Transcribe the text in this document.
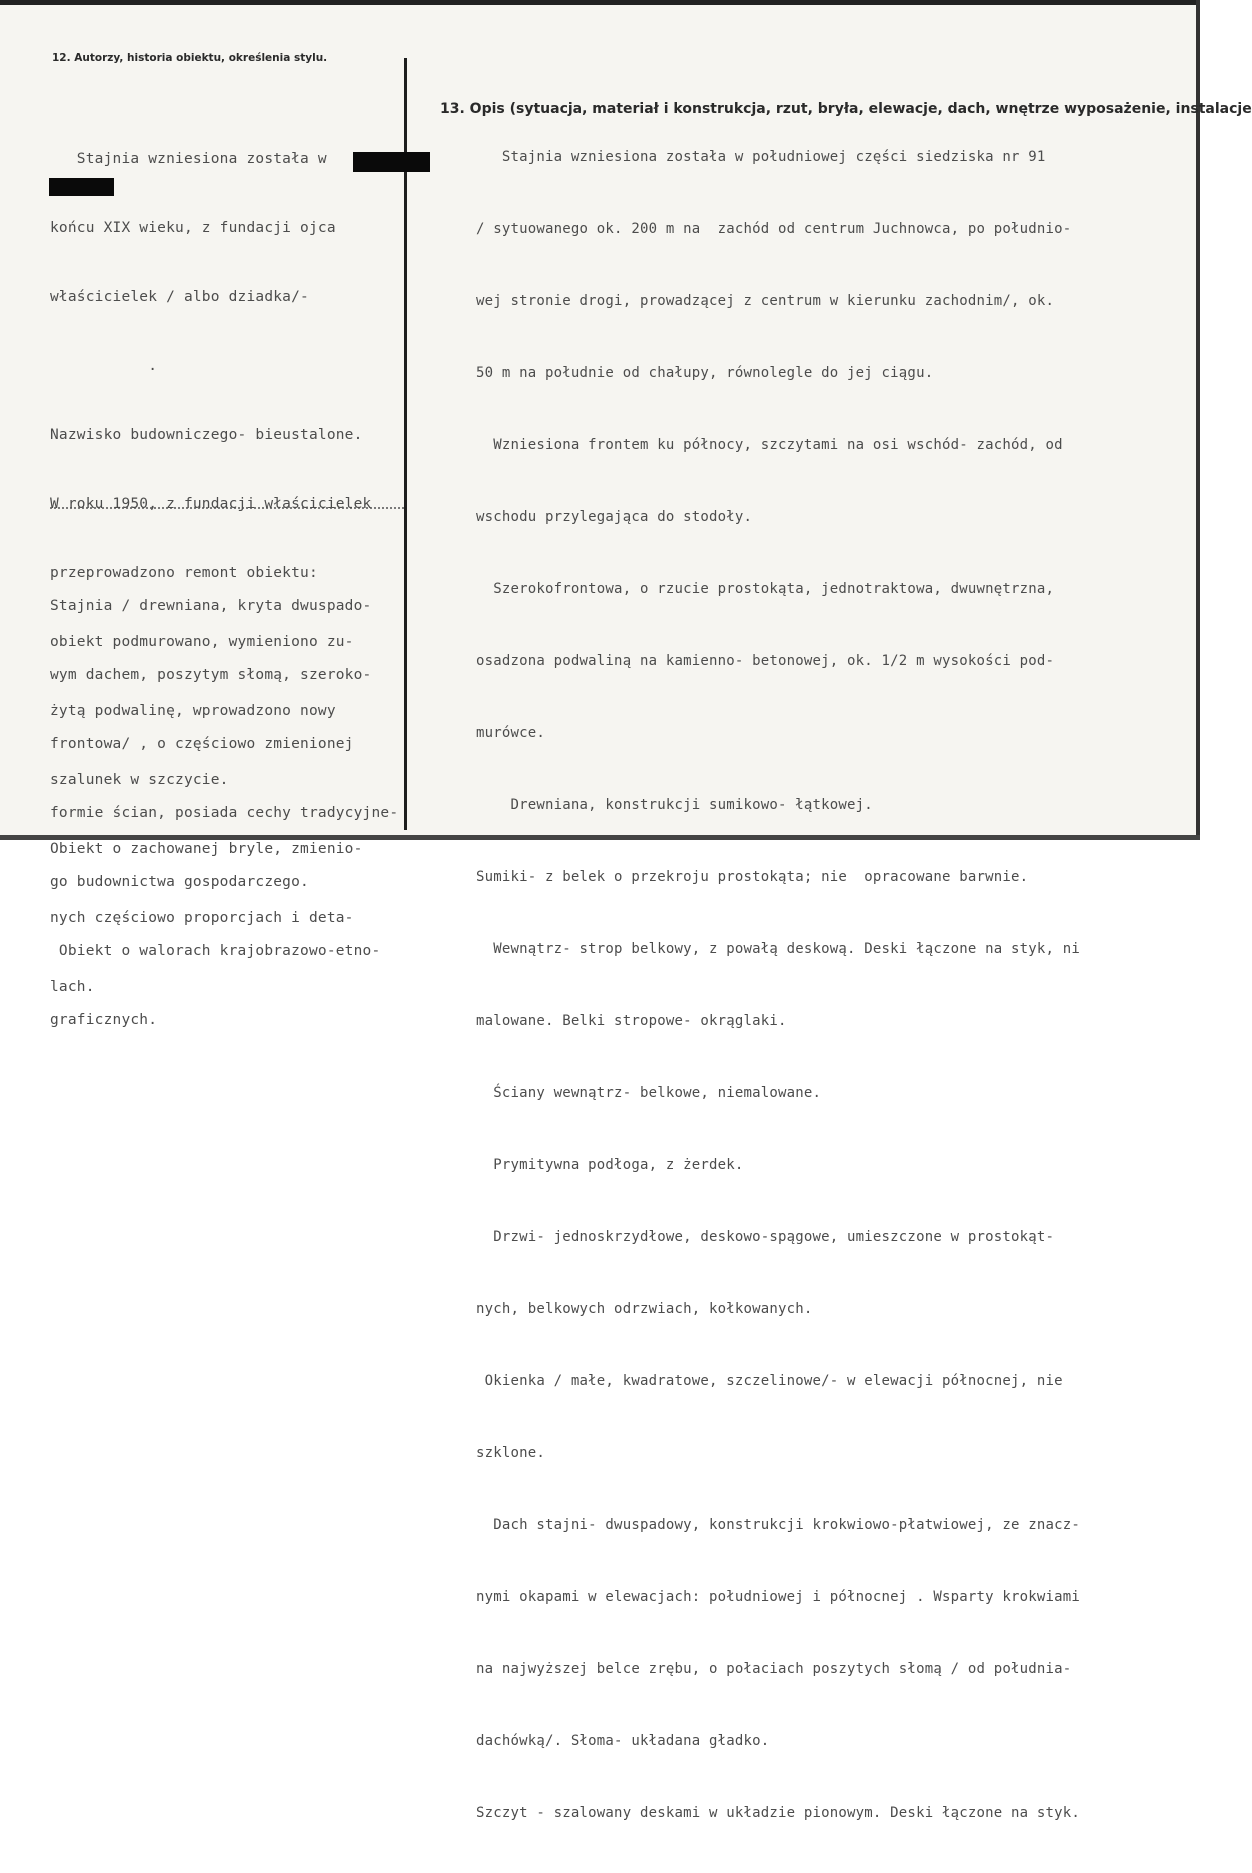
12. Autorzy, historia obiektu, określenia stylu.
13. Opis (sytuacja, materiał i konstrukcja, rzut, bryła, elewacje, dach, wnętrze wyposażenie, instalacje

Stajnia wzniesiona została w

końcu XIX wieku, z fundacji ojca

właścicielek / albo dziadka/-

.

Nazwisko budowniczego- bieustalone.

W roku 1950, z fundacji właścicielek

przeprowadzono remont obiektu:

obiekt podmurowano, wymieniono zu-

żytą podwalinę, wprowadzono nowy

szalunek w szczycie.

Obiekt o zachowanej bryle, zmienio-

nych częściowo proporcjach i deta-

lach.

Stajnia / drewniana, kryta dwuspado-

wym dachem, poszytym słomą, szeroko-

frontowa/ , o częściowo zmienionej

formie ścian, posiada cechy tradycyjne-

go budownictwa gospodarczego.

Obiekt o walorach krajobrazowo-etno-

graficznych.

Stajnia wzniesiona została w południowej części siedziska nr 91

/ sytuowanego ok. 200 m na  zachód od centrum Juchnowca, po południo-

wej stronie drogi, prowadzącej z centrum w kierunku zachodnim/, ok.

50 m na południe od chałupy, równolegle do jej ciągu.

Wzniesiona frontem ku północy, szczytami na osi wschód- zachód, od

wschodu przylegająca do stodoły.

Szerokofrontowa, o rzucie prostokąta, jednotraktowa, dwuwnętrzna,

osadzona podwaliną na kamienno- betonowej, ok. 1/2 m wysokości pod-

murówce.

Drewniana, konstrukcji sumikowo- łątkowej.

Sumiki- z belek o przekroju prostokąta; nie  opracowane barwnie.

Wewnątrz- strop belkowy, z powałą deskową. Deski łączone na styk, ni

malowane. Belki stropowe- okrąglaki.

Ściany wewnątrz- belkowe, niemalowane.

Prymitywna podłoga, z żerdek.

Drzwi- jednoskrzydłowe, deskowo-spągowe, umieszczone w prostokąt-

nych, belkowych odrzwiach, kołkowanych.

Okienka / małe, kwadratowe, szczelinowe/- w elewacji północnej, nie

szklone.

Dach stajni- dwuspadowy, konstrukcji krokwiowo-płatwiowej, ze znacz-

nymi okapami w elewacjach: południowej i północnej . Wsparty krokwiami

na najwyższej belce zrębu, o połaciach poszytych słomą / od południa-

dachówką/. Słoma- układana gładko.

Szczyt - szalowany deskami w układzie pionowym. Deski łączone na styk.
